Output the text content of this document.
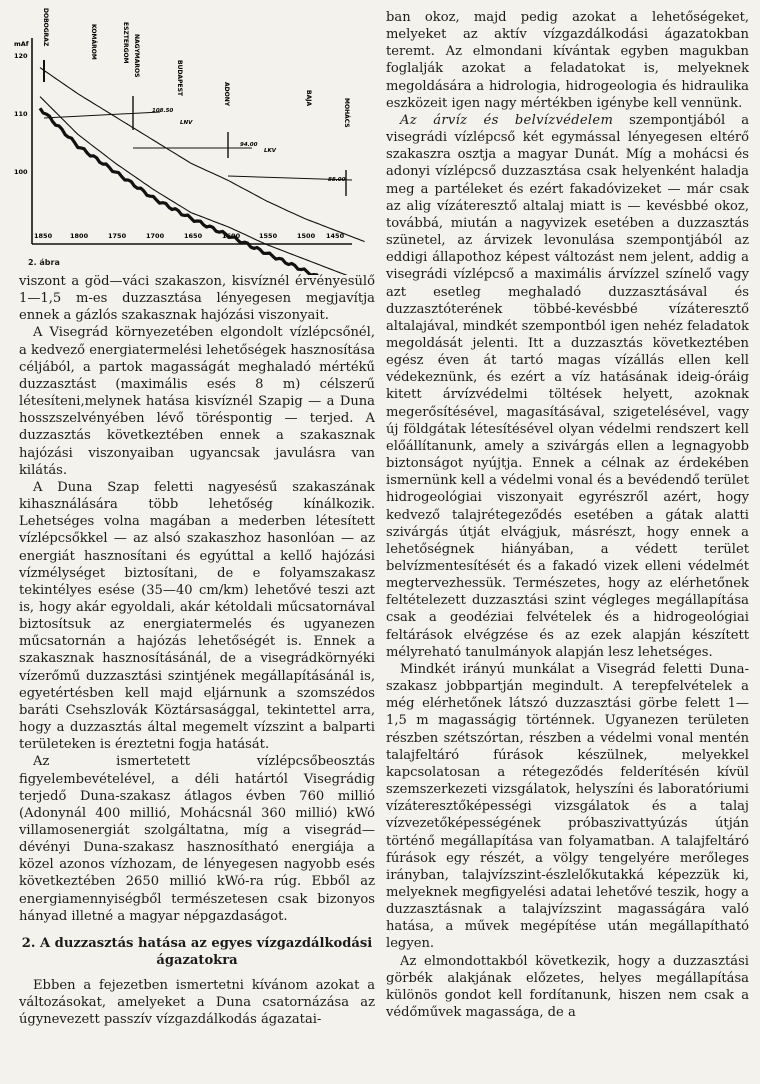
mAf
120
110
100
1850	1800	1750	1700	1650	1600	1550	1500 1450
DOBOGRAZ	KOMÁROM	ESZTERGOM NAGYMAROS
BUDAPEST	ADONY	BAJA	MOHÁCS
108.50
LNV
94.00
LKV
88.00
2. ábra

viszont a göd—váci szakaszon, kisvíznél érvényesülő 1—1,5 m-es duzzasztása lényegesen megjavítja ennek a gázlós szakasznak hajózási viszonyait.

A Visegrád környezetében elgondolt vízlépcsőnél, a kedvező energiatermelési lehetőségek hasznosítása céljából, a partok magasságát meghaladó mértékű duzzasztást (maximális esés 8 m) célszerű létesíteni,melynek hatása kisvíznél Szapig — a Duna hosszszelvényében lévő töréspontig — terjed. A duzzasztás következtében ennek a szakasznak hajózási viszonyaiban ugyancsak javulásra van kilátás.

A Duna Szap feletti nagyesésű szakaszának kihasználására több lehetőség kínálkozik. Lehetséges volna magában a mederben létesített vízlépcsőkkel — az alsó szakaszhoz hasonlóan — az energiát hasznosítani és egyúttal a kellő hajózási vízmélységet biztosítani, de e folyamszakasz tekintélyes esése (35—40 cm/km) lehetővé teszi azt is, hogy akár egyoldali, akár kétoldali műcsatornával biztosítsuk az energiatermelés és ugyanezen műcsatornán a hajózás lehetőségét is. Ennek a szakasznak hasznosításánál, de a visegrádkörnyéki vízerőmű duzzasztási szintjének megállapításánál is, egyetértésben kell majd eljárnunk a szomszédos baráti Csehszlovák Köztársasággal, tekintettel arra, hogy a duzzasztás által megemelt vízszint a balparti területeken is éreztetni fogja hatását.

Az ismertetett vízlépcsőbeosztás figyelembevételével, a déli határtól Visegrádig terjedő Duna-szakasz átlagos évben 760 millió (Adonynál 400 millió, Mohácsnál 360 millió) kWó villamosenergiát szolgáltatna, míg a visegrád—dévényi Duna-szakasz hasznosítható energiája a közel azonos vízhozam, de lényegesen nagyobb esés következtében 2650 millió kWó-ra rúg. Ebből az energiamennyiségből természetesen csak bizonyos hányad illetné a magyar népgazdaságot.

2. A duzzasztás hatása az egyes vízgazdálkodási ágazatokra

Ebben a fejezetben ismertetni kívánom azokat a változásokat, amelyeket a Duna csatornázása az úgynevezett passzív vízgazdálkodás ágazatai-

ban okoz, majd pedig azokat a lehetőségeket, melyeket az aktív vízgazdálkodási ágazatokban teremt. Az elmondani kívántak egyben magukban foglalják azokat a feladatokat is, melyeknek megoldására a hidrologia, hidrogeologia és hidraulika eszközeit igen nagy mértékben igénybe kell vennünk.

Az árvíz és belvízvédelem szempontjából a visegrádi vízlépcső két egymással lényegesen eltérő szakaszra osztja a magyar Dunát. Míg a mohácsi és adonyi vízlépcső duzzasztása csak helyenként haladja meg a partéleket és ezért fakadóvizeket — már csak az alig vízáteresztő altalaj miatt is — kevésbbé okoz, továbbá, miután a nagyvizek esetében a duzzasztás szünetel, az árvizek levonulása szempontjából az eddigi állapothoz képest változást nem jelent, addig a visegrádi vízlépcső a maximális árvízzel színelő vagy azt esetleg meghaladó duzzasztásával és duzzasztóterének többé-kevésbbé vízáteresztő altalajával, mindkét szempontból igen nehéz feladatok megoldását jelenti. Itt a duzzasztás következtében egész éven át tartó magas vízállás ellen kell védekeznünk, és ezért a víz hatásának ideig-óráig kitett árvízvédelmi töltések helyett, azoknak megerősítésével, magasításával, szigetelésével, vagy új földgátak létesítésével olyan védelmi rendszert kell előállítanunk, amely a szivárgás ellen a legnagyobb biztonságot nyújtja. Ennek a célnak az érdekében ismernünk kell a védelmi vonal és a bevédendő terület hidrogeológiai viszonyait egyrészről azért, hogy kedvező talajrétegeződés esetében a gátak alatti szivárgás útját elvágjuk, másrészt, hogy ennek a lehetőségnek hiányában, a védett terület belvízmentesítését és a fakadó vizek elleni védelmét megtervezhessük. Természetes, hogy az elérhetőnek feltételezett duzzasztási szint végleges megállapítása csak a geodéziai felvételek és a hidrogeológiai feltárások elvégzése és az ezek alapján készített mélyreható tanulmányok alapján lesz lehetséges.

Mindkét irányú munkálat a Visegrád feletti Duna-szakasz jobbpartján megindult. A terepfelvételek a még elérhetőnek látszó duzzasztási görbe felett 1—1,5 m magasságig történnek. Ugyanezen területen részben szétszórtan, részben a védelmi vonal mentén talajfeltáró fúrások készülnek, melyekkel kapcsolatosan a rétegeződés felderítésén kívül szemszerkezeti vizsgálatok, helyszíni és laboratóriumi vízáteresztőképességi vizsgálatok és a talaj vízvezetőképességének próbaszivattyúzás útján történő megállapítása van folyamatban. A talajfeltáró fúrások egy részét, a völgy tengelyére merőleges irányban, talajvízszint-észlelőkutakká képezzük ki, melyeknek megfigyelési adatai lehetővé teszik, hogy a duzzasztásnak a talajvízszint magasságára való hatása, a művek megépítése után megállapítható legyen.

Az elmondottakból következik, hogy a duzzasztási görbék alakjának előzetes, helyes megállapítása különös gondot kell fordítanunk, hiszen nem csak a védőművek magassága, de a
